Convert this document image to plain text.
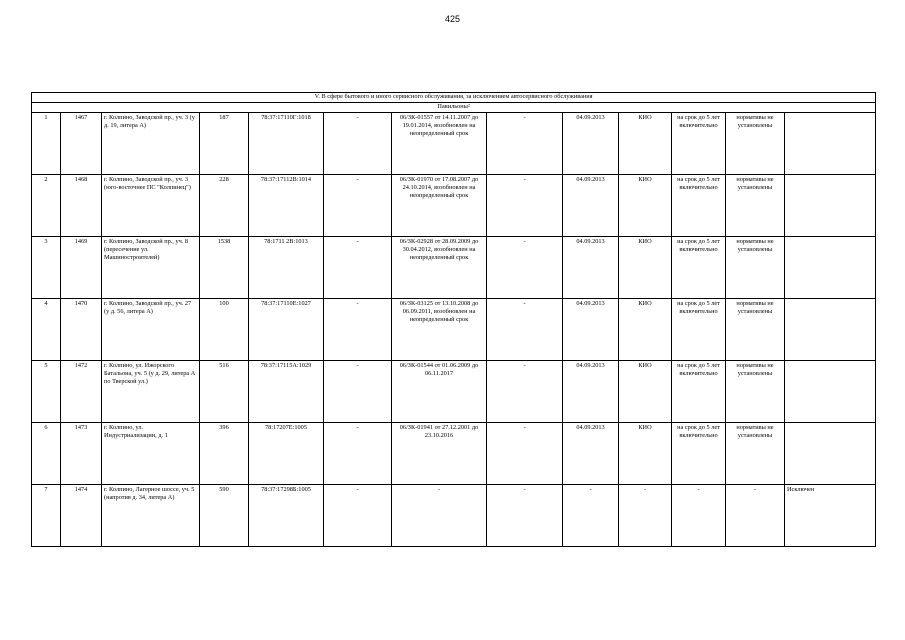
425
V. В сфере бытового и иного сервисного обслуживания, за исключением автосервисного обслуживания												
Павильоны²												
1	1467	г. Колпино, Заводской пр., уч. 3 (у д. 19, литера А)	187	78:37:17110Г:1018	-	06/ЗК-01557 от 14.11.2007 до 19.01.2014, возобновлен на неопределенный срок	-	04.09.2013	КИО	на срок до 5 лет включительно	нормативы не установлены	
2	1468	г. Колпино, Заводской пр., уч. 3 (юго-восточнее ПС "Колпинец")	228	78:37:17112В:1014	-	06/ЗК-01970 от 17.08.2007 до 24.10.2014, возобновлен на неопределенный срок	-	04.09.2013	КИО	на срок до 5 лет включительно	нормативы не установлены	
3	1469	г. Колпино, Заводской пр., уч. 8 (пересечение ул. Машиностроителей)	1538	78:1711 2В:1013	-	06/ЗК-02928 от 28.09.2009 до 30.04.2012, возобновлен на неопределенный срок	-	04.09.2013	КИО	на срок до 5 лет включительно	нормативы не установлены	
4	1470	г. Колпино, Заводской пр., уч. 27 (у д. 56, литера А)	100	78:37:17110Е:1027	-	06/ЗК-03125 от 13.10.2008 до 06.09.2011, возобновлен на неопределенный срок	-	04.09.2013	КИО	на срок до 5 лет включительно	нормативы не установлены	
5	1472	г. Колпино, ул. Ижорского Батальона, уч. 5 (у д. 29, литера А по Тверской ул.)	516	78:37:17115А:1029	-	06/ЗК-01544 от 01.06.2009 до 06.11.2017	-	04.09.2013	КИО	на срок до 5 лет включительно	нормативы не установлены	
6	1473	г. Колпино, ул. Индустриализации, д. 1	396	78:17207Е:1005	-	06/ЗК-01941 от 27.12.2001 до 23.10.2016	-	04.09.2013	КИО	на срок до 5 лет включительно	нормативы не установлены	
7	1474	г. Колпино, Лагерное шоссе, уч. 5 (напротив д. 34, литера А)	590	78:37:17298Б:1005	-	-	-	-	-	-	-	Исключен
